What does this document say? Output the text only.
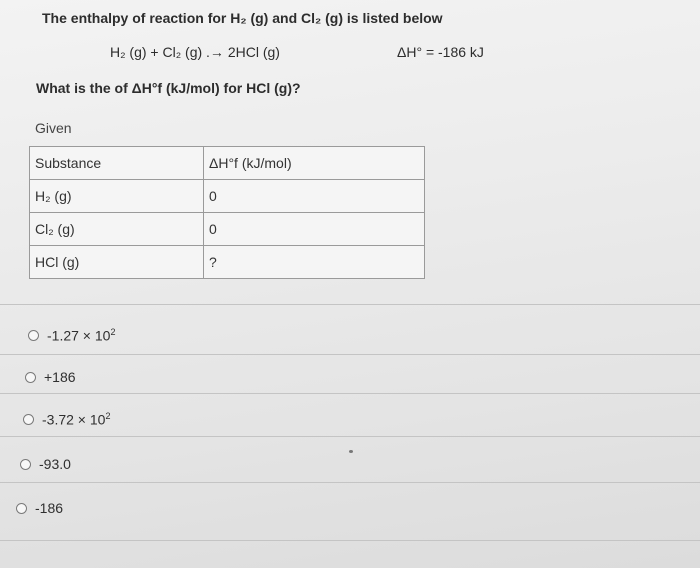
The enthalpy of reaction for H₂ (g) and Cl₂ (g) is listed below
H₂ (g) + Cl₂ (g) .→ 2HCl (g)	ΔH° = -186 kJ
What is the of ΔH°f (kJ/mol) for HCl (g)?
Given
Substance	ΔH°f (kJ/mol)
H₂ (g)	0
Cl₂ (g)	0
HCl (g)	?
$-1.27 \times 10^2$
+186
$-3.72 \times 10^2$
-93.0
-186
